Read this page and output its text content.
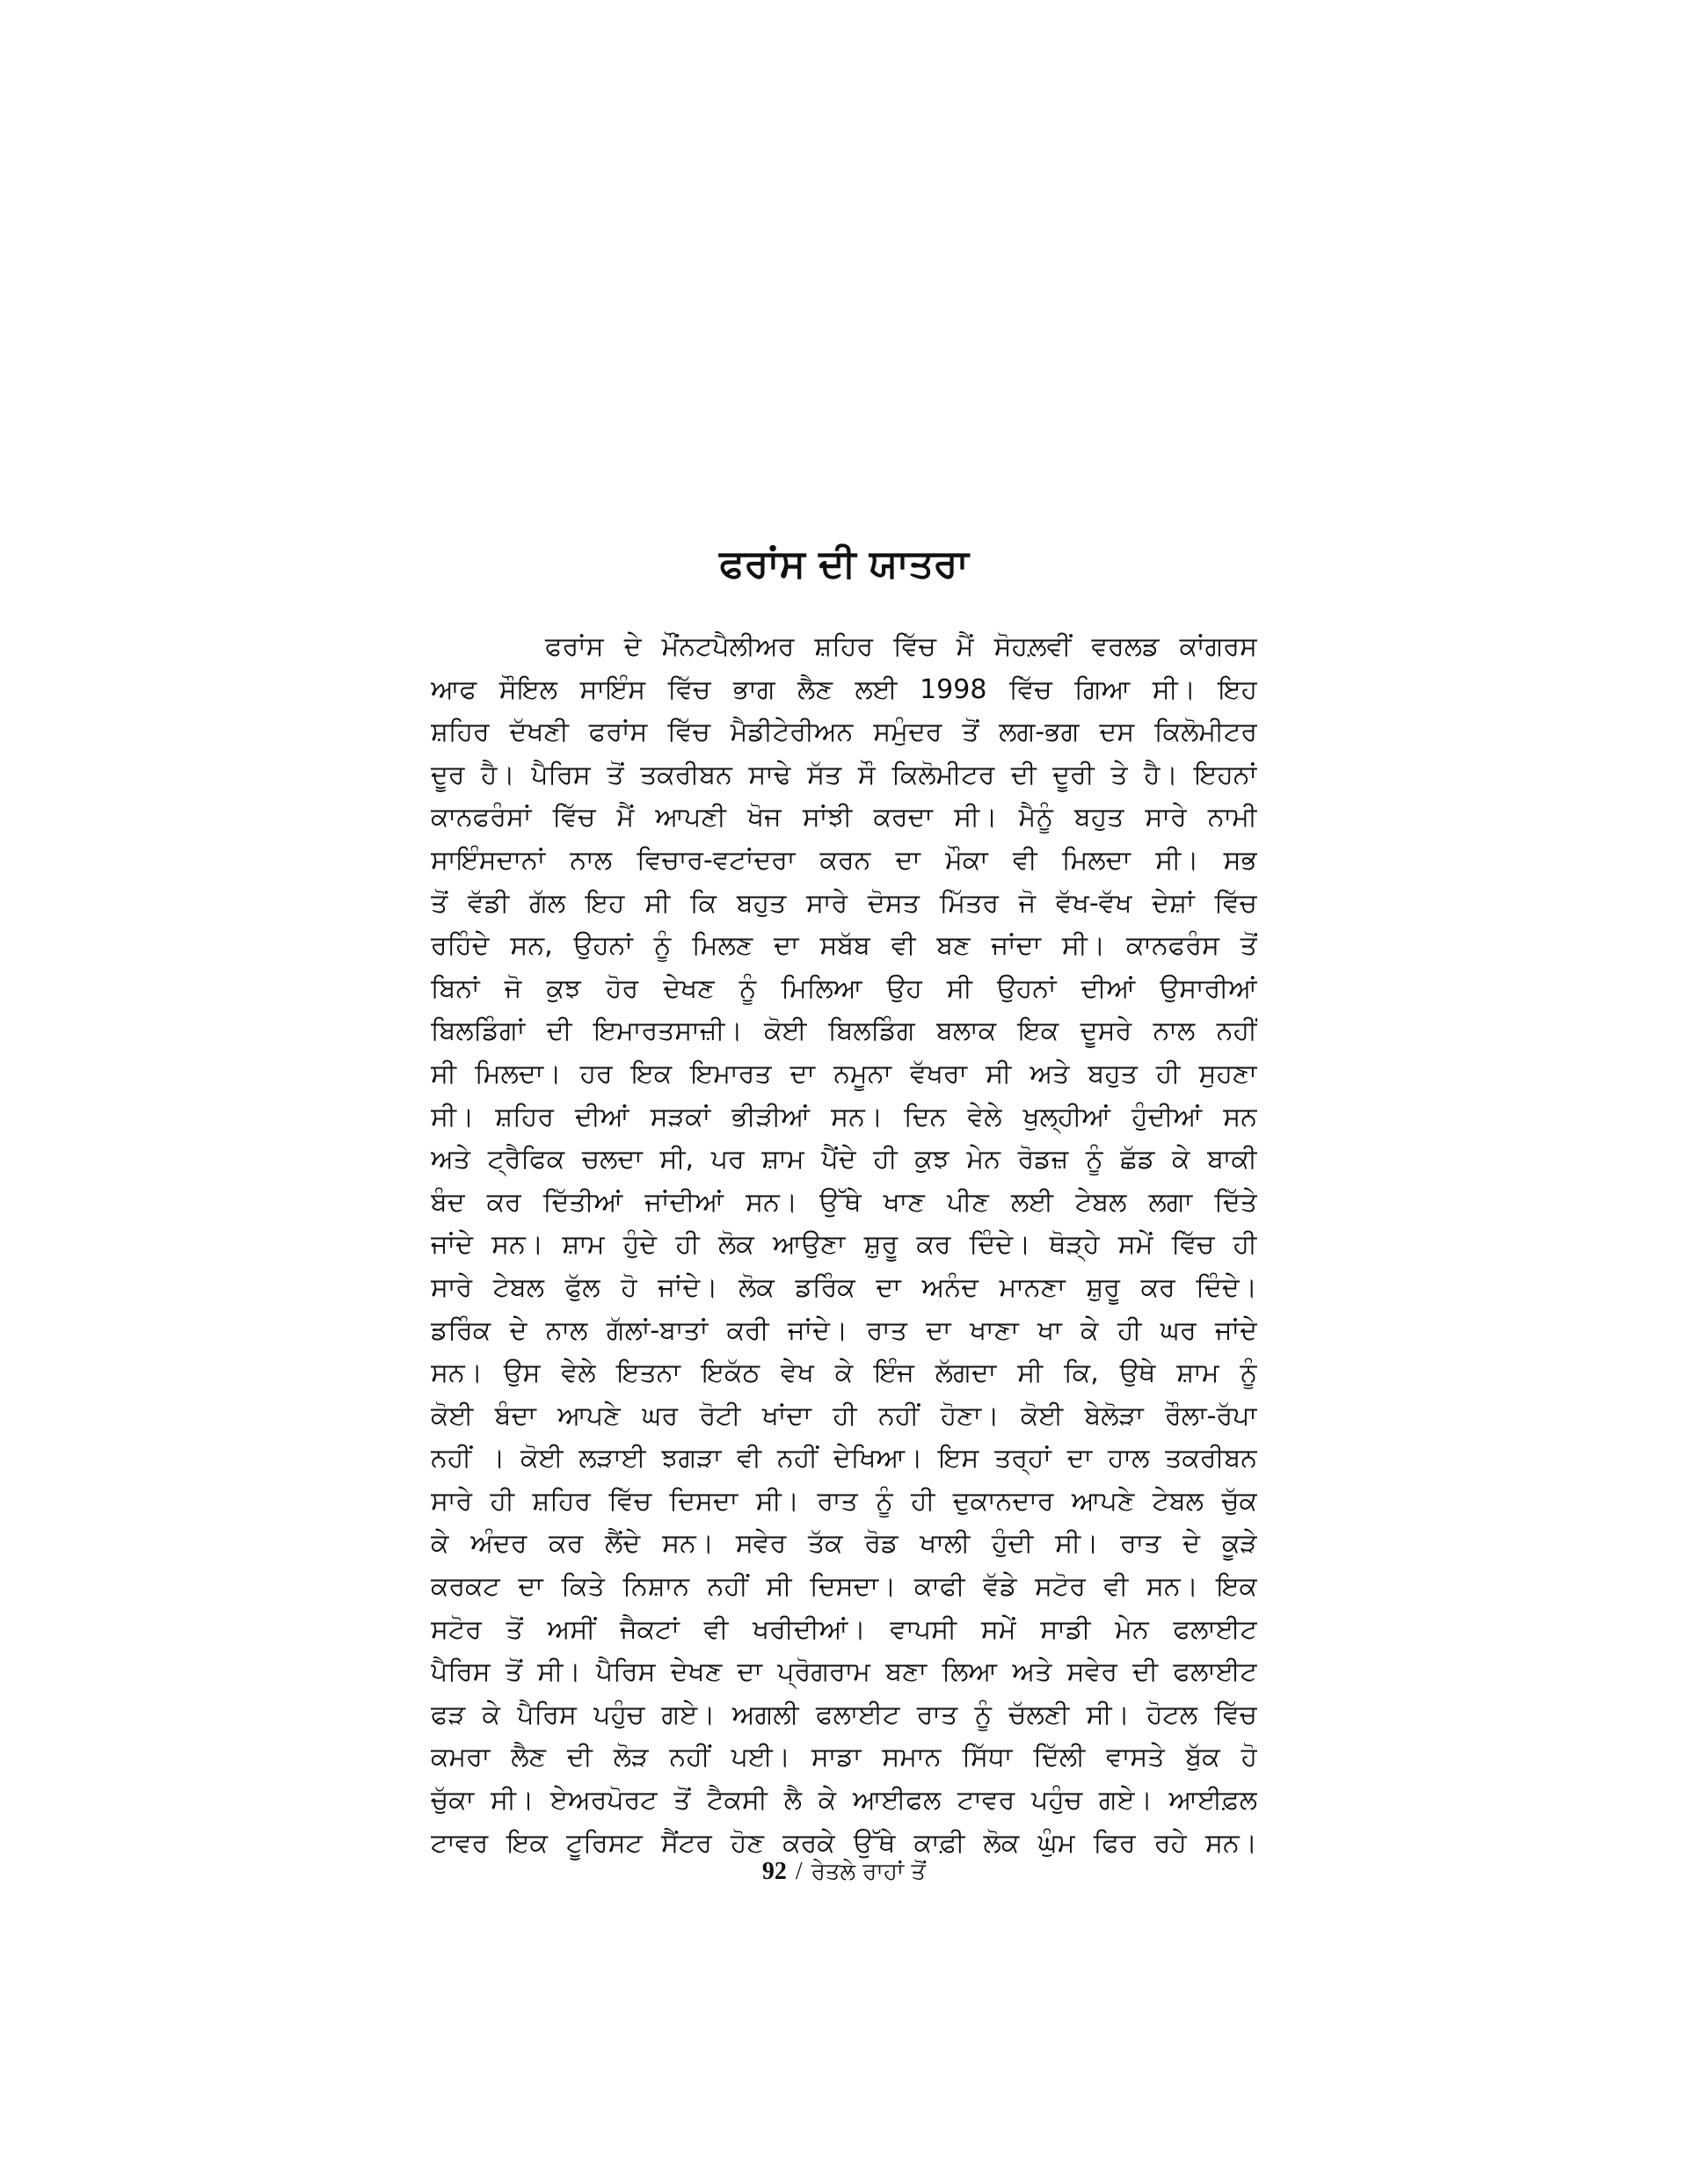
ਫਰਾਂਸ ਦੀ ਯਾਤਰਾ
ਫਰਾਂਸ ਦੇ ਮੌਂਨਟਪੈਲੀਅਰ ਸ਼ਹਿਰ ਵਿੱਚ ਮੈਂ ਸੋਹਲ਼ਵੀਂ ਵਰਲਡ ਕਾਂਗਰਸ
ਆਫ ਸੌਇਲ ਸਾਇੰਸ ਵਿੱਚ ਭਾਗ ਲੈਣ ਲਈ 1998 ਵਿੱਚ ਗਿਆ ਸੀ। ਇਹ
ਸ਼ਹਿਰ ਦੱਖਣੀ ਫਰਾਂਸ ਵਿੱਚ ਮੈਡੀਟੇਰੀਅਨ ਸਮੁੰਦਰ ਤੋਂ ਲਗ-ਭਗ ਦਸ ਕਿਲੋਮੀਟਰ
ਦੂਰ ਹੈ। ਪੈਰਿਸ ਤੋਂ ਤਕਰੀਬਨ ਸਾਢੇ ਸੱਤ ਸੌ ਕਿਲੋਮੀਟਰ ਦੀ ਦੂਰੀ ਤੇ ਹੈ। ਇਹਨਾਂ
ਕਾਨਫਰੰਸਾਂ ਵਿੱਚ ਮੈਂ ਆਪਣੀ ਖੋਜ ਸਾਂਝੀ ਕਰਦਾ ਸੀ। ਮੈਨੂੰ ਬਹੁਤ ਸਾਰੇ ਨਾਮੀ
ਸਾਇੰਸਦਾਨਾਂ ਨਾਲ ਵਿਚਾਰ-ਵਟਾਂਦਰਾ ਕਰਨ ਦਾ ਮੌਕਾ ਵੀ ਮਿਲਦਾ ਸੀ। ਸਭ
ਤੋਂ ਵੱਡੀ ਗੱਲ ਇਹ ਸੀ ਕਿ ਬਹੁਤ ਸਾਰੇ ਦੋਸਤ ਮਿੱਤਰ ਜੋ ਵੱਖ-ਵੱਖ ਦੇਸ਼ਾਂ ਵਿੱਚ
ਰਹਿੰਦੇ ਸਨ, ਉਹਨਾਂ ਨੂੰ ਮਿਲਣ ਦਾ ਸਬੱਬ ਵੀ ਬਣ ਜਾਂਦਾ ਸੀ। ਕਾਨਫਰੰਸ ਤੋਂ
ਬਿਨਾਂ ਜੋ ਕੁਝ ਹੋਰ ਦੇਖਣ ਨੂੰ ਮਿਲਿਆ ਉਹ ਸੀ ਉਹਨਾਂ ਦੀਆਂ ਉਸਾਰੀਆਂ
ਬਿਲਡਿੰਗਾਂ ਦੀ ਇਮਾਰਤਸਾਜ਼ੀ। ਕੋਈ ਬਿਲਡਿੰਗ ਬਲਾਕ ਇਕ ਦੂਸਰੇ ਨਾਲ ਨਹੀਂ
ਸੀ ਮਿਲਦਾ। ਹਰ ਇਕ ਇਮਾਰਤ ਦਾ ਨਮੂਨਾ ਵੱਖਰਾ ਸੀ ਅਤੇ ਬਹੁਤ ਹੀ ਸੁਹਣਾ
ਸੀ। ਸ਼ਹਿਰ ਦੀਆਂ ਸੜਕਾਂ ਭੀੜੀਆਂ ਸਨ। ਦਿਨ ਵੇਲੇ ਖੁਲ੍ਹੀਆਂ ਹੁੰਦੀਆਂ ਸਨ
ਅਤੇ ਟ੍ਰੈਫਿਕ ਚਲਦਾ ਸੀ, ਪਰ ਸ਼ਾਮ ਪੈਂਦੇ ਹੀ ਕੁਝ ਮੇਨ ਰੋਡਜ਼ ਨੂੰ ਛੱਡ ਕੇ ਬਾਕੀ
ਬੰਦ ਕਰ ਦਿੱਤੀਆਂ ਜਾਂਦੀਆਂ ਸਨ। ਉੱਥੇ ਖਾਣ ਪੀਣ ਲਈ ਟੇਬਲ ਲਗਾ ਦਿੱਤੇ
ਜਾਂਦੇ ਸਨ। ਸ਼ਾਮ ਹੁੰਦੇ ਹੀ ਲੋਕ ਆਉਣਾ ਸ਼ੁਰੂ ਕਰ ਦਿੰਦੇ। ਥੋੜ੍ਹੇ ਸਮੇਂ ਵਿੱਚ ਹੀ
ਸਾਰੇ ਟੇਬਲ ਫੁੱਲ ਹੋ ਜਾਂਦੇ। ਲੋਕ ਡਰਿੰਕ ਦਾ ਅਨੰਦ ਮਾਨਣਾ ਸ਼ੁਰੂ ਕਰ ਦਿੰਦੇ।
ਡਰਿੰਕ ਦੇ ਨਾਲ ਗੱਲਾਂ-ਬਾਤਾਂ ਕਰੀ ਜਾਂਦੇ। ਰਾਤ ਦਾ ਖਾਣਾ ਖਾ ਕੇ ਹੀ ਘਰ ਜਾਂਦੇ
ਸਨ। ਉਸ ਵੇਲੇ ਇਤਨਾ ਇਕੱਠ ਵੇਖ ਕੇ ਇੰਜ ਲੱਗਦਾ ਸੀ ਕਿ, ਉਥੇ ਸ਼ਾਮ ਨੂੰ
ਕੋਈ ਬੰਦਾ ਆਪਣੇ ਘਰ ਰੋਟੀ ਖਾਂਦਾ ਹੀ ਨਹੀਂ ਹੋਣਾ। ਕੋਈ ਬੇਲੋੜਾ ਰੌਲਾ-ਰੱਪਾ
ਨਹੀਂ । ਕੋਈ ਲੜਾਈ ਝਗੜਾ ਵੀ ਨਹੀਂ ਦੇਖਿਆ। ਇਸ ਤਰ੍ਹਾਂ ਦਾ ਹਾਲ ਤਕਰੀਬਨ
ਸਾਰੇ ਹੀ ਸ਼ਹਿਰ ਵਿੱਚ ਦਿਸਦਾ ਸੀ। ਰਾਤ ਨੂੰ ਹੀ ਦੁਕਾਨਦਾਰ ਆਪਣੇ ਟੇਬਲ ਚੁੱਕ
ਕੇ ਅੰਦਰ ਕਰ ਲੈਂਦੇ ਸਨ। ਸਵੇਰ ਤੱਕ ਰੋਡ ਖਾਲੀ ਹੁੰਦੀ ਸੀ। ਰਾਤ ਦੇ ਕੂੜੇ
ਕਰਕਟ ਦਾ ਕਿਤੇ ਨਿਸ਼ਾਨ ਨਹੀਂ ਸੀ ਦਿਸਦਾ। ਕਾਫੀ ਵੱਡੇ ਸਟੋਰ ਵੀ ਸਨ। ਇਕ
ਸਟੋਰ ਤੋਂ ਅਸੀਂ ਜੈਕਟਾਂ ਵੀ ਖਰੀਦੀਆਂ। ਵਾਪਸੀ ਸਮੇਂ ਸਾਡੀ ਮੇਨ ਫਲਾਈਟ
ਪੈਰਿਸ ਤੋਂ ਸੀ। ਪੈਰਿਸ ਦੇਖਣ ਦਾ ਪ੍ਰੋਗਰਾਮ ਬਣਾ ਲਿਆ ਅਤੇ ਸਵੇਰ ਦੀ ਫਲਾਈਟ
ਫੜ ਕੇ ਪੈਰਿਸ ਪਹੁੰਚ ਗਏ। ਅਗਲੀ ਫਲਾਈਟ ਰਾਤ ਨੂੰ ਚੱਲਣੀ ਸੀ। ਹੋਟਲ ਵਿੱਚ
ਕਮਰਾ ਲੈਣ ਦੀ ਲੋੜ ਨਹੀਂ ਪਈ। ਸਾਡਾ ਸਮਾਨ ਸਿੱਧਾ ਦਿੱਲੀ ਵਾਸਤੇ ਬੁੱਕ ਹੋ
ਚੁੱਕਾ ਸੀ। ਏਅਰਪੋਰਟ ਤੋਂ ਟੈਕਸੀ ਲੈ ਕੇ ਆਈਫਲ ਟਾਵਰ ਪਹੁੰਚ ਗਏ। ਆਈਫ਼ਲ
ਟਾਵਰ ਇਕ ਟੂਰਿਸਟ ਸੈਂਟਰ ਹੋਣ ਕਰਕੇ ਉੱਥੇ ਕਾਫ਼ੀ ਲੋਕ ਘੁੰਮ ਫਿਰ ਰਹੇ ਸਨ।
92 / ਰੇਤਲੇ ਰਾਹਾਂ ਤੋਂ
